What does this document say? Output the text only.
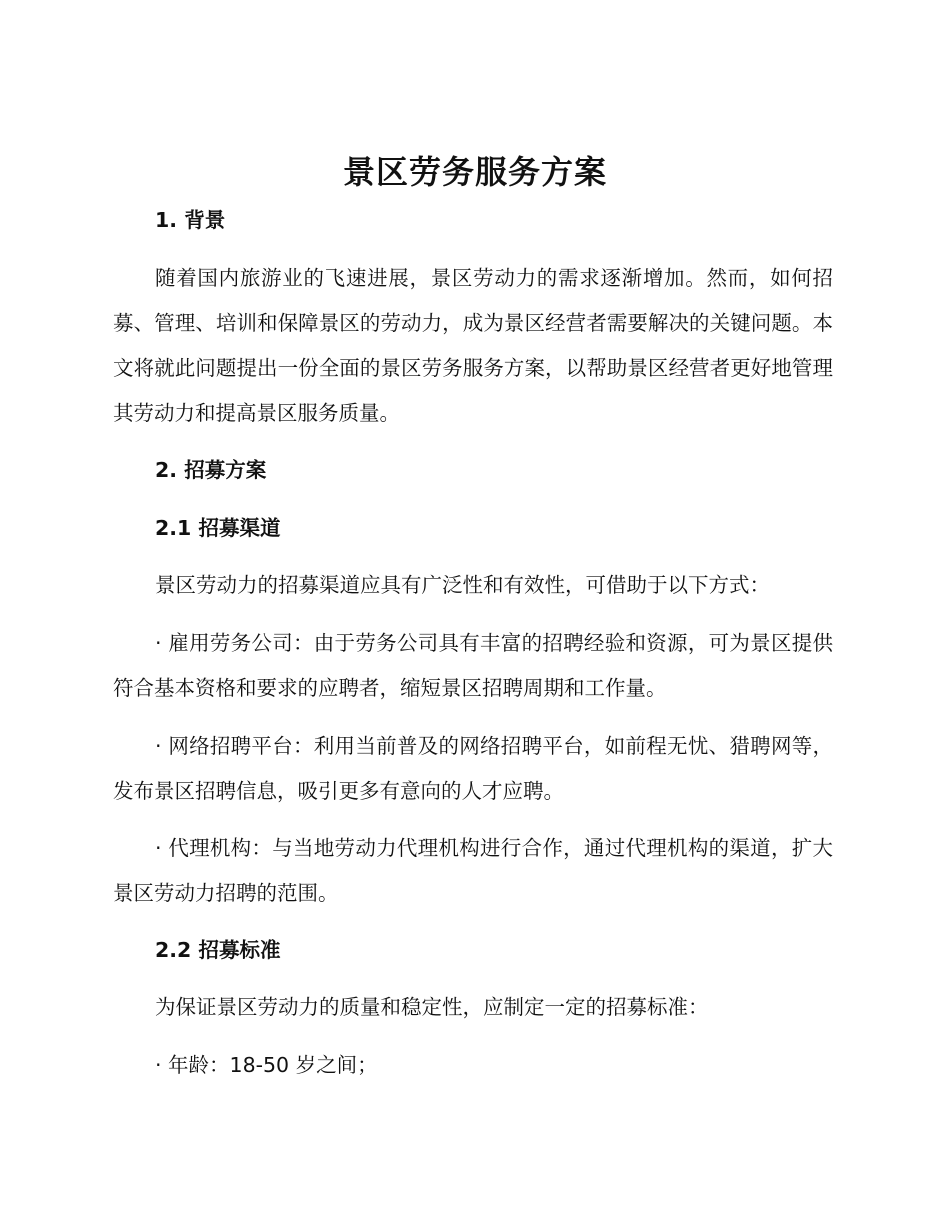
景区劳务服务方案

1. 背景

随着国内旅游业的飞速进展，景区劳动力的需求逐渐增加。然而，如何招募、管理、培训和保障景区的劳动力，成为景区经营者需要解决的关键问题。本文将就此问题提出一份全面的景区劳务服务方案，以帮助景区经营者更好地管理其劳动力和提高景区服务质量。

2. 招募方案

2.1 招募渠道

景区劳动力的招募渠道应具有广泛性和有效性，可借助于以下方式：

· 雇用劳务公司：由于劳务公司具有丰富的招聘经验和资源，可为景区提供符合基本资格和要求的应聘者，缩短景区招聘周期和工作量。

· 网络招聘平台：利用当前普及的网络招聘平台，如前程无忧、猎聘网等，发布景区招聘信息，吸引更多有意向的人才应聘。

· 代理机构：与当地劳动力代理机构进行合作，通过代理机构的渠道，扩大景区劳动力招聘的范围。

2.2 招募标准

为保证景区劳动力的质量和稳定性，应制定一定的招募标准：

· 年龄：18-50 岁之间；
